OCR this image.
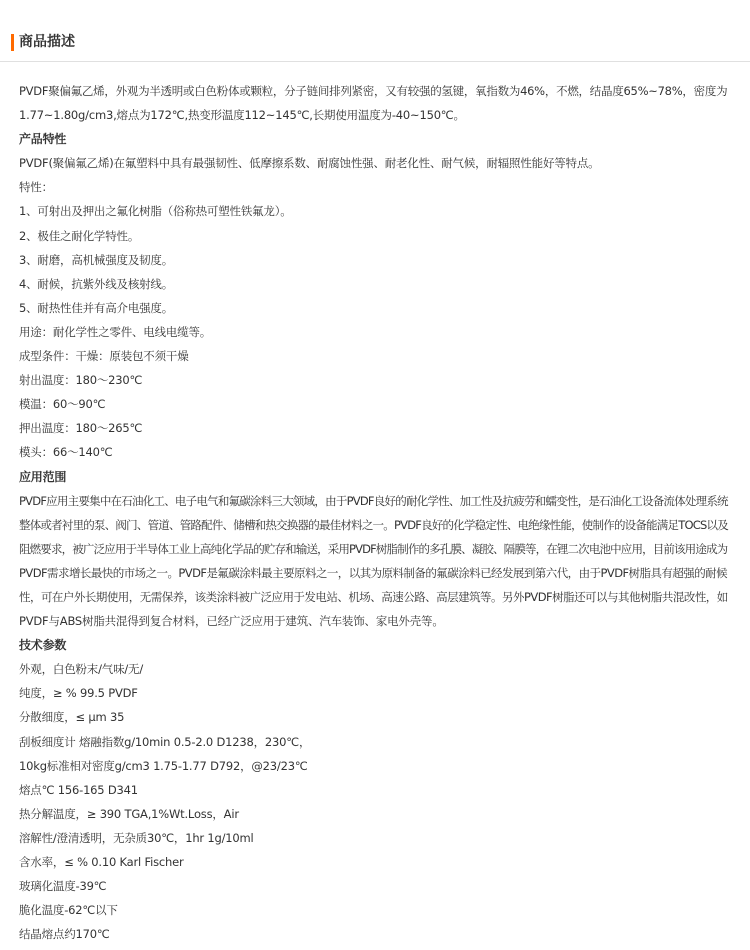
商品描述

PVDF聚偏氟乙烯，外观为半透明或白色粉体或颗粒，分子链间排列紧密，又有较强的氢键，氧指数为46%，不燃，结晶度65%~78%，密度为

1.77~1.80g/cm3,熔点为172℃,热变形温度112~145℃,长期使用温度为-40~150℃。

产品特性

PVDF(聚偏氟乙烯)在氟塑料中具有最强韧性、低摩擦系数、耐腐蚀性强、耐老化性、耐气候，耐辐照性能好等特点。

特性：

1、可射出及押出之氟化树脂（俗称热可塑性铁氟龙）。

2、极佳之耐化学特性。

3、耐磨，高机械强度及韧度。

4、耐候，抗紫外线及核射线。

5、耐热性佳并有高介电强度。

用途：耐化学性之零件、电线电缆等。

成型条件：干燥：原装包不须干燥

射出温度：180～230℃

模温：60～90℃

押出温度：180～265℃

模头：66～140℃

应用范围

PVDF应用主要集中在石油化工、电子电气和氟碳涂料三大领域，由于PVDF良好的耐化学性、加工性及抗疲劳和蠕变性，是石油化工设备流体处理系统

整体或者衬里的泵、阀门、管道、管路配件、储槽和热交换器的最佳材料之一。PVDF良好的化学稳定性、电绝缘性能，使制作的设备能满足TOCS以及

阻燃要求，被广泛应用于半导体工业上高纯化学品的贮存和输送，采用PVDF树脂制作的多孔膜、凝胶、隔膜等，在锂二次电池中应用，目前该用途成为

PVDF需求增长最快的市场之一。PVDF是氟碳涂料最主要原料之一，以其为原料制备的氟碳涂料已经发展到第六代，由于PVDF树脂具有超强的耐候

性，可在户外长期使用，无需保养，该类涂料被广泛应用于发电站、机场、高速公路、高层建筑等。另外PVDF树脂还可以与其他树脂共混改性，如

PVDF与ABS树脂共混得到复合材料，已经广泛应用于建筑、汽车装饰、家电外壳等。

技术参数

外观，白色粉末/气味/无/

纯度，≥ % 99.5 PVDF

分散细度，≤ μm 35

刮板细度计 熔融指数g/10min 0.5-2.0 D1238，230℃，

10kg标准相对密度g/cm3 1.75-1.77 D792，@23/23℃

熔点℃ 156-165 D341

热分解温度，≥ 390 TGA,1%Wt.Loss，Air

溶解性/澄清透明，无杂质30℃，1hr 1g/10ml

含水率，≤ % 0.10 Karl Fischer

玻璃化温度-39℃

脆化温度-62℃以下

结晶熔点约170℃
